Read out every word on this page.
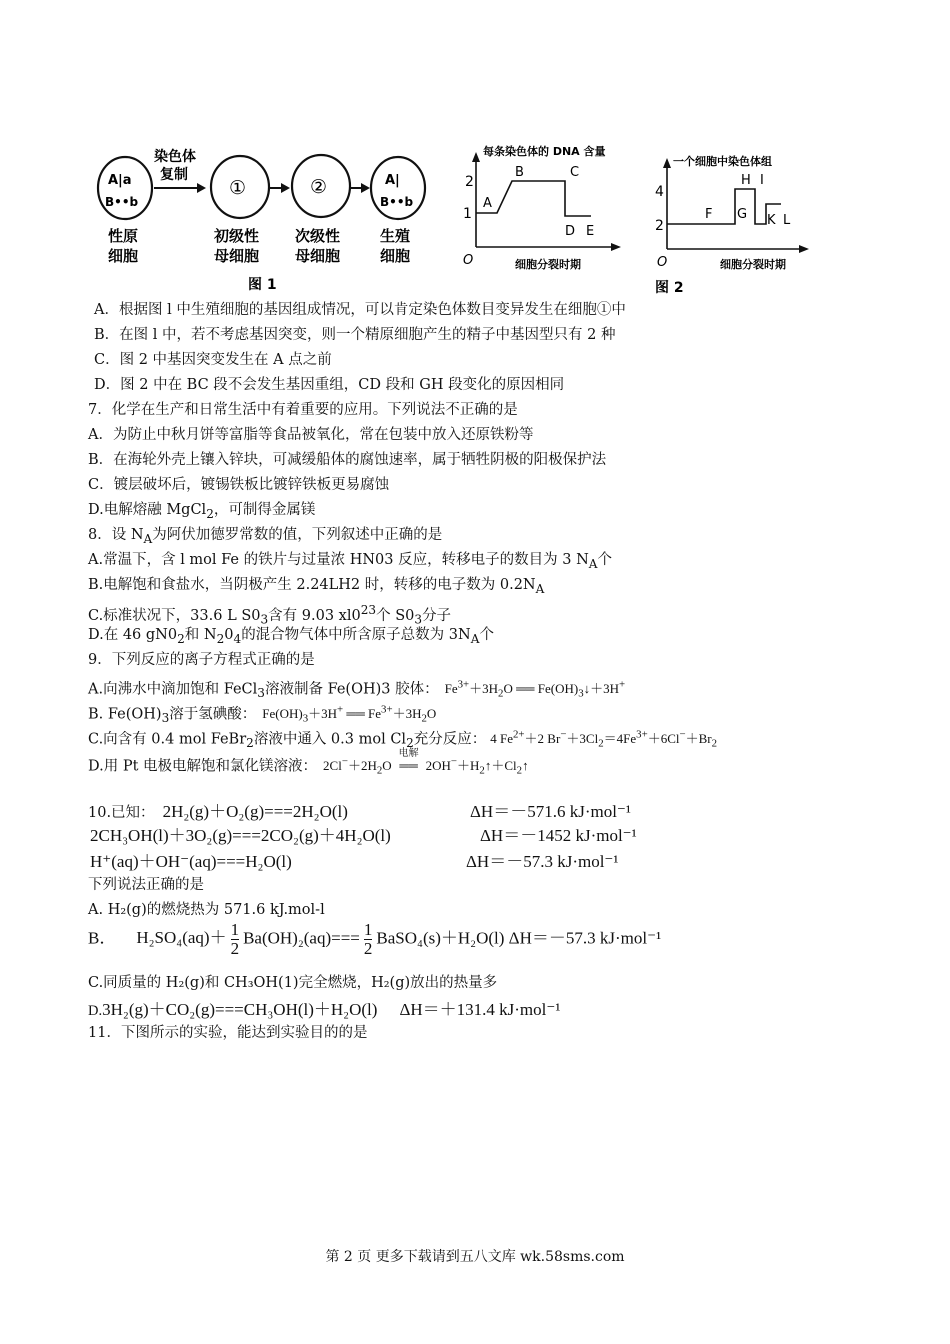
A|a
B••b
染色体
复制
①	②	A|
B••b
性原
细胞
初级性
母细胞
次级性
母细胞
生殖
细胞
图 1
每条染色体的 DNA 含量
2
1
O
A
B	C
D E
细胞分裂时期
一个细胞中染色体组
4
2
O
F G
H I
K L
细胞分裂时期
图 2
A．根据图 l 中生殖细胞的基因组成情况，可以肯定染色体数目变异发生在细胞①中
B．在图 l 中，若不考虑基因突变，则一个精原细胞产生的精子中基因型只有 2 种
C．图 2 中基因突变发生在 A 点之前
D．图 2 中在 BC 段不会发生基因重组，CD 段和 GH 段变化的原因相同
7．化学在生产和日常生活中有着重要的应用。下列说法不正确的是
A．为防止中秋月饼等富脂等食品被氧化，常在包装中放入还原铁粉等
B．在海轮外壳上镶入锌块，可减缓船体的腐蚀速率，属于牺牲阴极的阳极保护法
C．镀层破坏后，镀锡铁板比镀锌铁板更易腐蚀
D.电解熔融 MgCl$_2$，可制得金属镁
8．设 $N_A$为阿伏加德罗常数的值，下列叙述中正确的是
A.常温下，含 l mol Fe 的铁片与过量浓 HN03 反应，转移电子的数目为 3 $N_A$个
B.电解饱和食盐水，当阴极产生 2.24LH2 时，转移的电子数为 $0.2N_A$
C.标准状况下，33.6 L $S0_3$含有 9.03 $xl0^{23}$个 $S0_3$分子
D.在 46 $gN0_2$和 $N_20_4$的混合物气体中所含原子总数为 $3N_A$个
9．下列反应的离子方程式正确的是
A.向沸水中滴加饱和 FeCl$_3$溶液制备 Fe(OH)3 胶体： $Fe^{3+}+3H_2O$ ══ $Fe(OH)_3↓+3H^+$
B. $Fe(OH)_3$溶于氢碘酸： $Fe(OH)_3+3H^+$ ══ $Fe^{3+}+3H_2O$
C.向含有 0.4 mol FeBr$_2$溶液中通入 0.3 mol $Cl_2$充分反应： 4 $Fe^{2+}+2$ $Br^-+3Cl_2=4Fe^{3+}+6Cl^-+Br_2$
D.用 Pt 电极电解饱和氯化镁溶液： $2Cl^-+2H_2O$
电解
══ $2OH^-+H_2↑+Cl_2↑$
10.已知： 2H₂(g)＋O₂(g)===2H₂O(l)	ΔH＝－571.6 kJ·mol⁻¹
2CH₃OH(l)＋3O₂(g)===2CO₂(g)＋4H₂O(l)	ΔH＝－1452 kJ·mol⁻¹
H⁺(aq)＋OH⁻(aq)===H₂O(l)	ΔH＝－57.3 kJ·mol⁻¹
下列说法正确的是
A. H₂(g)的燃烧热为 571.6 kJ.mol-l
B． $H_2SO_4(aq)+ \frac{1}{2} Ba(OH)_2(aq)=== \frac{1}{2}$ BaSO₄(s)＋H₂O(l) ΔH＝－57.3 kJ·mol⁻¹
C.同质量的 H₂(g)和 CH₃OH(1)完全燃烧，H₂(g)放出的热量多
D.3H₂(g)＋CO₂(g)===CH₃OH(l)＋H₂O(l) ΔH＝＋131.4 kJ·mol⁻¹
11．下图所示的实验，能达到实验目的的是
第 2 页 更多下载请到五八文库 wk.58sms.com
